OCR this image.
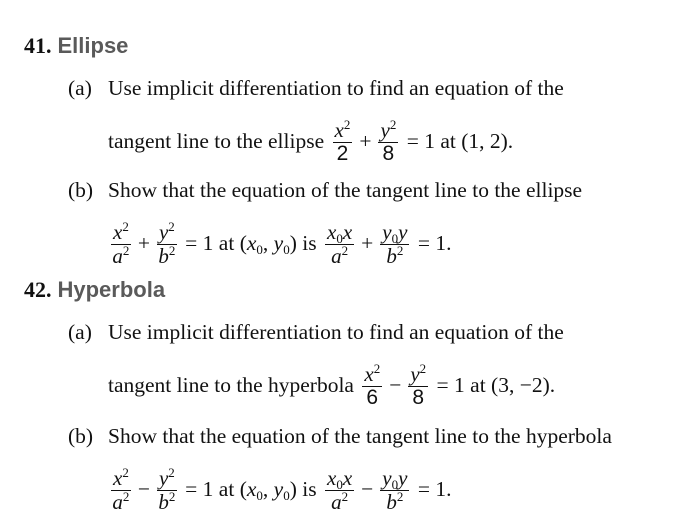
41. Ellipse
(a) Use implicit differentiation to find an equation of the
tangent line to the ellipse $\frac{x^2}{2} + \frac{y^2}{8} = 1$ at (1, 2).
(b) Show that the equation of the tangent line to the ellipse
$\frac{x^2}{a^2} + \frac{y^2}{b^2} = 1$ at ($x_0$, $y_0$) is $\frac{x_0x}{a^2} + \frac{y_0y}{b^2} = 1$.
42. Hyperbola
(a) Use implicit differentiation to find an equation of the
tangent line to the hyperbola $\frac{x^2}{6} - \frac{y^2}{8} = 1$ at (3, −2).
(b) Show that the equation of the tangent line to the hyperbola
$\frac{x^2}{a^2} - \frac{y^2}{b^2} = 1$ at ($x_0$, $y_0$) is $\frac{x_0x}{a^2} - \frac{y_0y}{b^2} = 1$.
